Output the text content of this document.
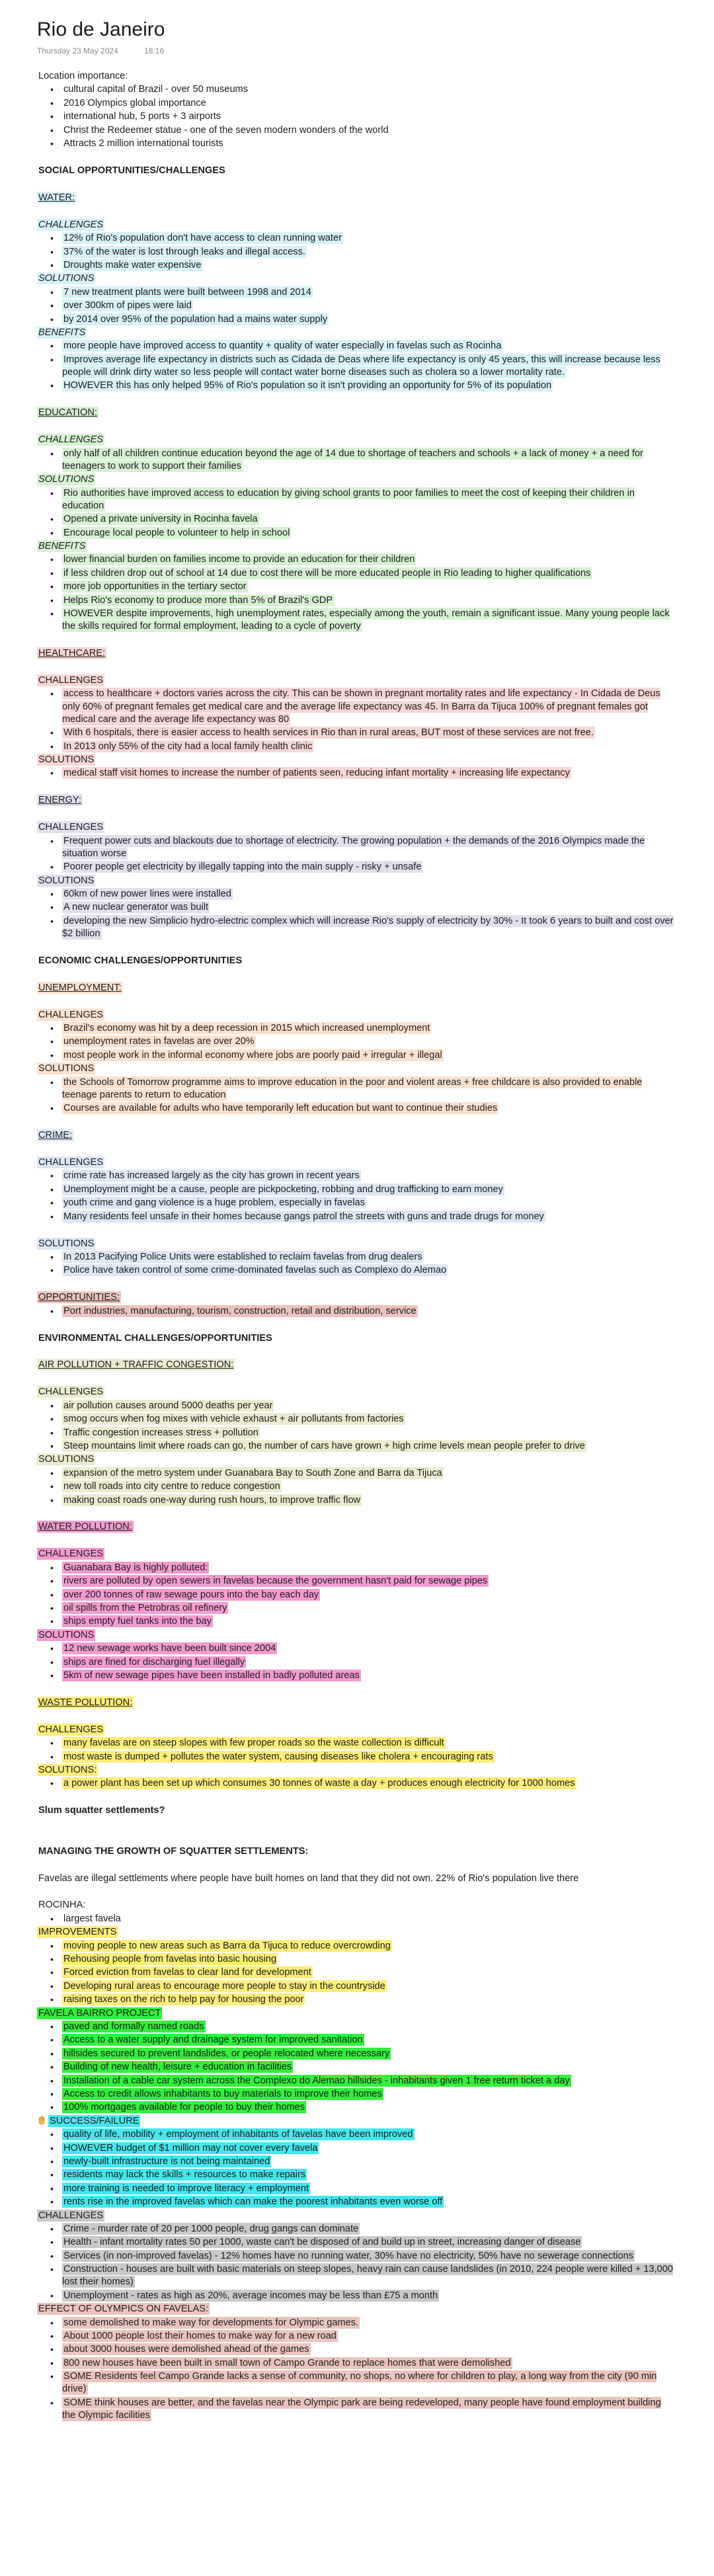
Rio de Janeiro
Thursday 23 May 2024	18:16
Location importance:
• cultural capital of Brazil - over 50 museums
• 2016 Olympics global importance
• international hub, 5 ports + 3 airports
• Christ the Redeemer statue - one of the seven modern wonders of the world
• Attracts 2 million international tourists
SOCIAL OPPORTUNITIES/CHALLENGES
WATER:
CHALLENGES
• 12% of Rio's population don't have access to clean running water
• 37% of the water is lost through leaks and illegal access.
• Droughts make water expensive
SOLUTIONS
• 7 new treatment plants were built between 1998 and 2014
• over 300km of pipes were laid
• by 2014 over 95% of the population had a mains water supply
BENEFITS
• more people have improved access to quantity + quality of water especially in favelas such as Rocinha
• Improves average life expectancy in districts such as Cidada de Deas where life expectancy is only 45 years, this will increase because less people will drink dirty water so less people will contact water borne diseases such as cholera so a lower mortality rate.
• HOWEVER this has only helped 95% of Rio's population so it isn't providing an opportunity for 5% of its population
EDUCATION:
CHALLENGES
• only half of all children continue education beyond the age of 14 due to shortage of teachers and schools + a lack of money + a need for teenagers to work to support their families
SOLUTIONS
• Rio authorities have improved access to education by giving school grants to poor families to meet the cost of keeping their children in education
• Opened a private university in Rocinha favela
• Encourage local people to volunteer to help in school
BENEFITS
• lower financial burden on families income to provide an education for their children
• if less children drop out of school at 14 due to cost there will be more educated people in Rio leading to higher qualifications
• more job opportunities in the tertiary sector
• Helps Rio's economy to produce more than 5% of Brazil's GDP
• HOWEVER despite improvements, high unemployment rates, especially among the youth, remain a significant issue. Many young people lack the skills required for formal employment, leading to a cycle of poverty
HEALTHCARE:
CHALLENGES
• access to healthcare + doctors varies across the city. This can be shown in pregnant mortality rates and life expectancy - In Cidada de Deus only 60% of pregnant females get medical care and the average life expectancy was 45. In Barra da Tijuca 100% of pregnant females got medical care and the average life expectancy was 80
• With 6 hospitals, there is easier access to health services in Rio than in rural areas, BUT most of these services are not free.
• In 2013 only 55% of the city had a local family health clinic
SOLUTIONS
• medical staff visit homes to increase the number of patients seen, reducing infant mortality + increasing life expectancy
ENERGY:
CHALLENGES
• Frequent power cuts and blackouts due to shortage of electricity. The growing population + the demands of the 2016 Olympics made the situation worse
• Poorer people get electricity by illegally tapping into the main supply - risky + unsafe
SOLUTIONS
• 60km of new power lines were installed
• A new nuclear generator was built
• developing the new Simplicio hydro-electric complex which will increase Rio's supply of electricity by 30% - It took 6 years to built and cost over $2 billion
ECONOMIC CHALLENGES/OPPORTUNITIES
UNEMPLOYMENT:
CHALLENGES
• Brazil's economy was hit by a deep recession in 2015 which increased unemployment
• unemployment rates in favelas are over 20%
• most people work in the informal economy where jobs are poorly paid + irregular + illegal
SOLUTIONS
• the Schools of Tomorrow programme aims to improve education in the poor and violent areas + free childcare is also provided to enable teenage parents to return to education
• Courses are available for adults who have temporarily left education but want to continue their studies
CRIME:
CHALLENGES
• crime rate has increased largely as the city has grown in recent years
• Unemployment might be a cause, people are pickpocketing, robbing and drug trafficking to earn money
• youth crime and gang violence is a huge problem, especially in favelas
• Many residents feel unsafe in their homes because gangs patrol the streets with guns and trade drugs for money
SOLUTIONS
• In 2013 Pacifying Police Units were established to reclaim favelas from drug dealers
• Police have taken control of some crime-dominated favelas such as Complexo do Alemao
OPPORTUNITIES:
• Port industries, manufacturing, tourism, construction, retail and distribution, service
ENVIRONMENTAL CHALLENGES/OPPORTUNITIES
AIR POLLUTION + TRAFFIC CONGESTION:
CHALLENGES
• air pollution causes around 5000 deaths per year
• smog occurs when fog mixes with vehicle exhaust + air pollutants from factories
• Traffic congestion increases stress + pollution
• Steep mountains limit where roads can go, the number of cars have grown + high crime levels mean people prefer to drive
SOLUTIONS
• expansion of the metro system under Guanabara Bay to South Zone and Barra da Tijuca
• new toll roads into city centre to reduce congestion
• making coast roads one-way during rush hours, to improve traffic flow
WATER POLLUTION:
CHALLENGES
• Guanabara Bay is highly polluted:
• rivers are polluted by open sewers in favelas because the government hasn't paid for sewage pipes
• over 200 tonnes of raw sewage pours into the bay each day
• oil spills from the Petrobras oil refinery
• ships empty fuel tanks into the bay
SOLUTIONS
• 12 new sewage works have been built since 2004
• ships are fined for discharging fuel illegally
• 5km of new sewage pipes have been installed in badly polluted areas
WASTE POLLUTION:
CHALLENGES
• many favelas are on steep slopes with few proper roads so the waste collection is difficult
• most waste is dumped + pollutes the water system, causing diseases like cholera + encouraging rats
SOLUTIONS:
• a power plant has been set up which consumes 30 tonnes of waste a day + produces enough electricity for 1000 homes
Slum squatter settlements?
MANAGING THE GROWTH OF SQUATTER SETTLEMENTS:
Favelas are illegal settlements where people have built homes on land that they did not own. 22% of Rio's population live there
ROCINHA:
• largest favela
IMPROVEMENTS
• moving people to new areas such as Barra da Tijuca to reduce overcrowding
• Rehousing people from favelas into basic housing
• Forced eviction from favelas to clear land for development
• Developing rural areas to encourage more people to stay in the countryside
• raising taxes on the rich to help pay for housing the poor
FAVELA BAIRRO PROJECT
• paved and formally named roads
• Access to a water supply and drainage system for improved sanitation
• hillsides secured to prevent landslides, or people relocated where necessary
• Building of new health, leisure + education in facilities
• Installation of a cable car system across the Complexo do Alemao hillsides - inhabitants given 1 free return ticket a day
• Access to credit allows inhabitants to buy materials to improve their homes
• 100% mortgages available for people to buy their homes
SUCCESS/FAILURE
• quality of life, mobility + employment of inhabitants of favelas have been improved
• HOWEVER budget of $1 million may not cover every favela
• newly-built infrastructure is not being maintained
• residents may lack the skills + resources to make repairs
• more training is needed to improve literacy + employment
• rents rise in the improved favelas which can make the poorest inhabitants even worse off
CHALLENGES
• Crime - murder rate of 20 per 1000 people, drug gangs can dominate
• Health - infant mortality rates 50 per 1000, waste can't be disposed of and build up in street, increasing danger of disease
• Services (in non-improved favelas) - 12% homes have no running water, 30% have no electricity, 50% have no sewerage connections
• Construction - houses are built with basic materials on steep slopes, heavy rain can cause landslides (in 2010, 224 people were killed + 13,000 lost their homes)
• Unemployment - rates as high as 20%, average incomes may be less than £75 a month
EFFECT OF OLYMPICS ON FAVELAS:
• some demolished to make way for developments for Olympic games.
• About 1000 people lost their homes to make way for a new road
• about 3000 houses were demolished ahead of the games
• 800 new houses have been built in small town of Campo Grande to replace homes that were demolished
• SOME Residents feel Campo Grande lacks a sense of community, no shops, no where for children to play, a long way from the city (90 min drive)
• SOME think houses are better, and the favelas near the Olympic park are being redeveloped, many people have found employment building the Olympic facilities
